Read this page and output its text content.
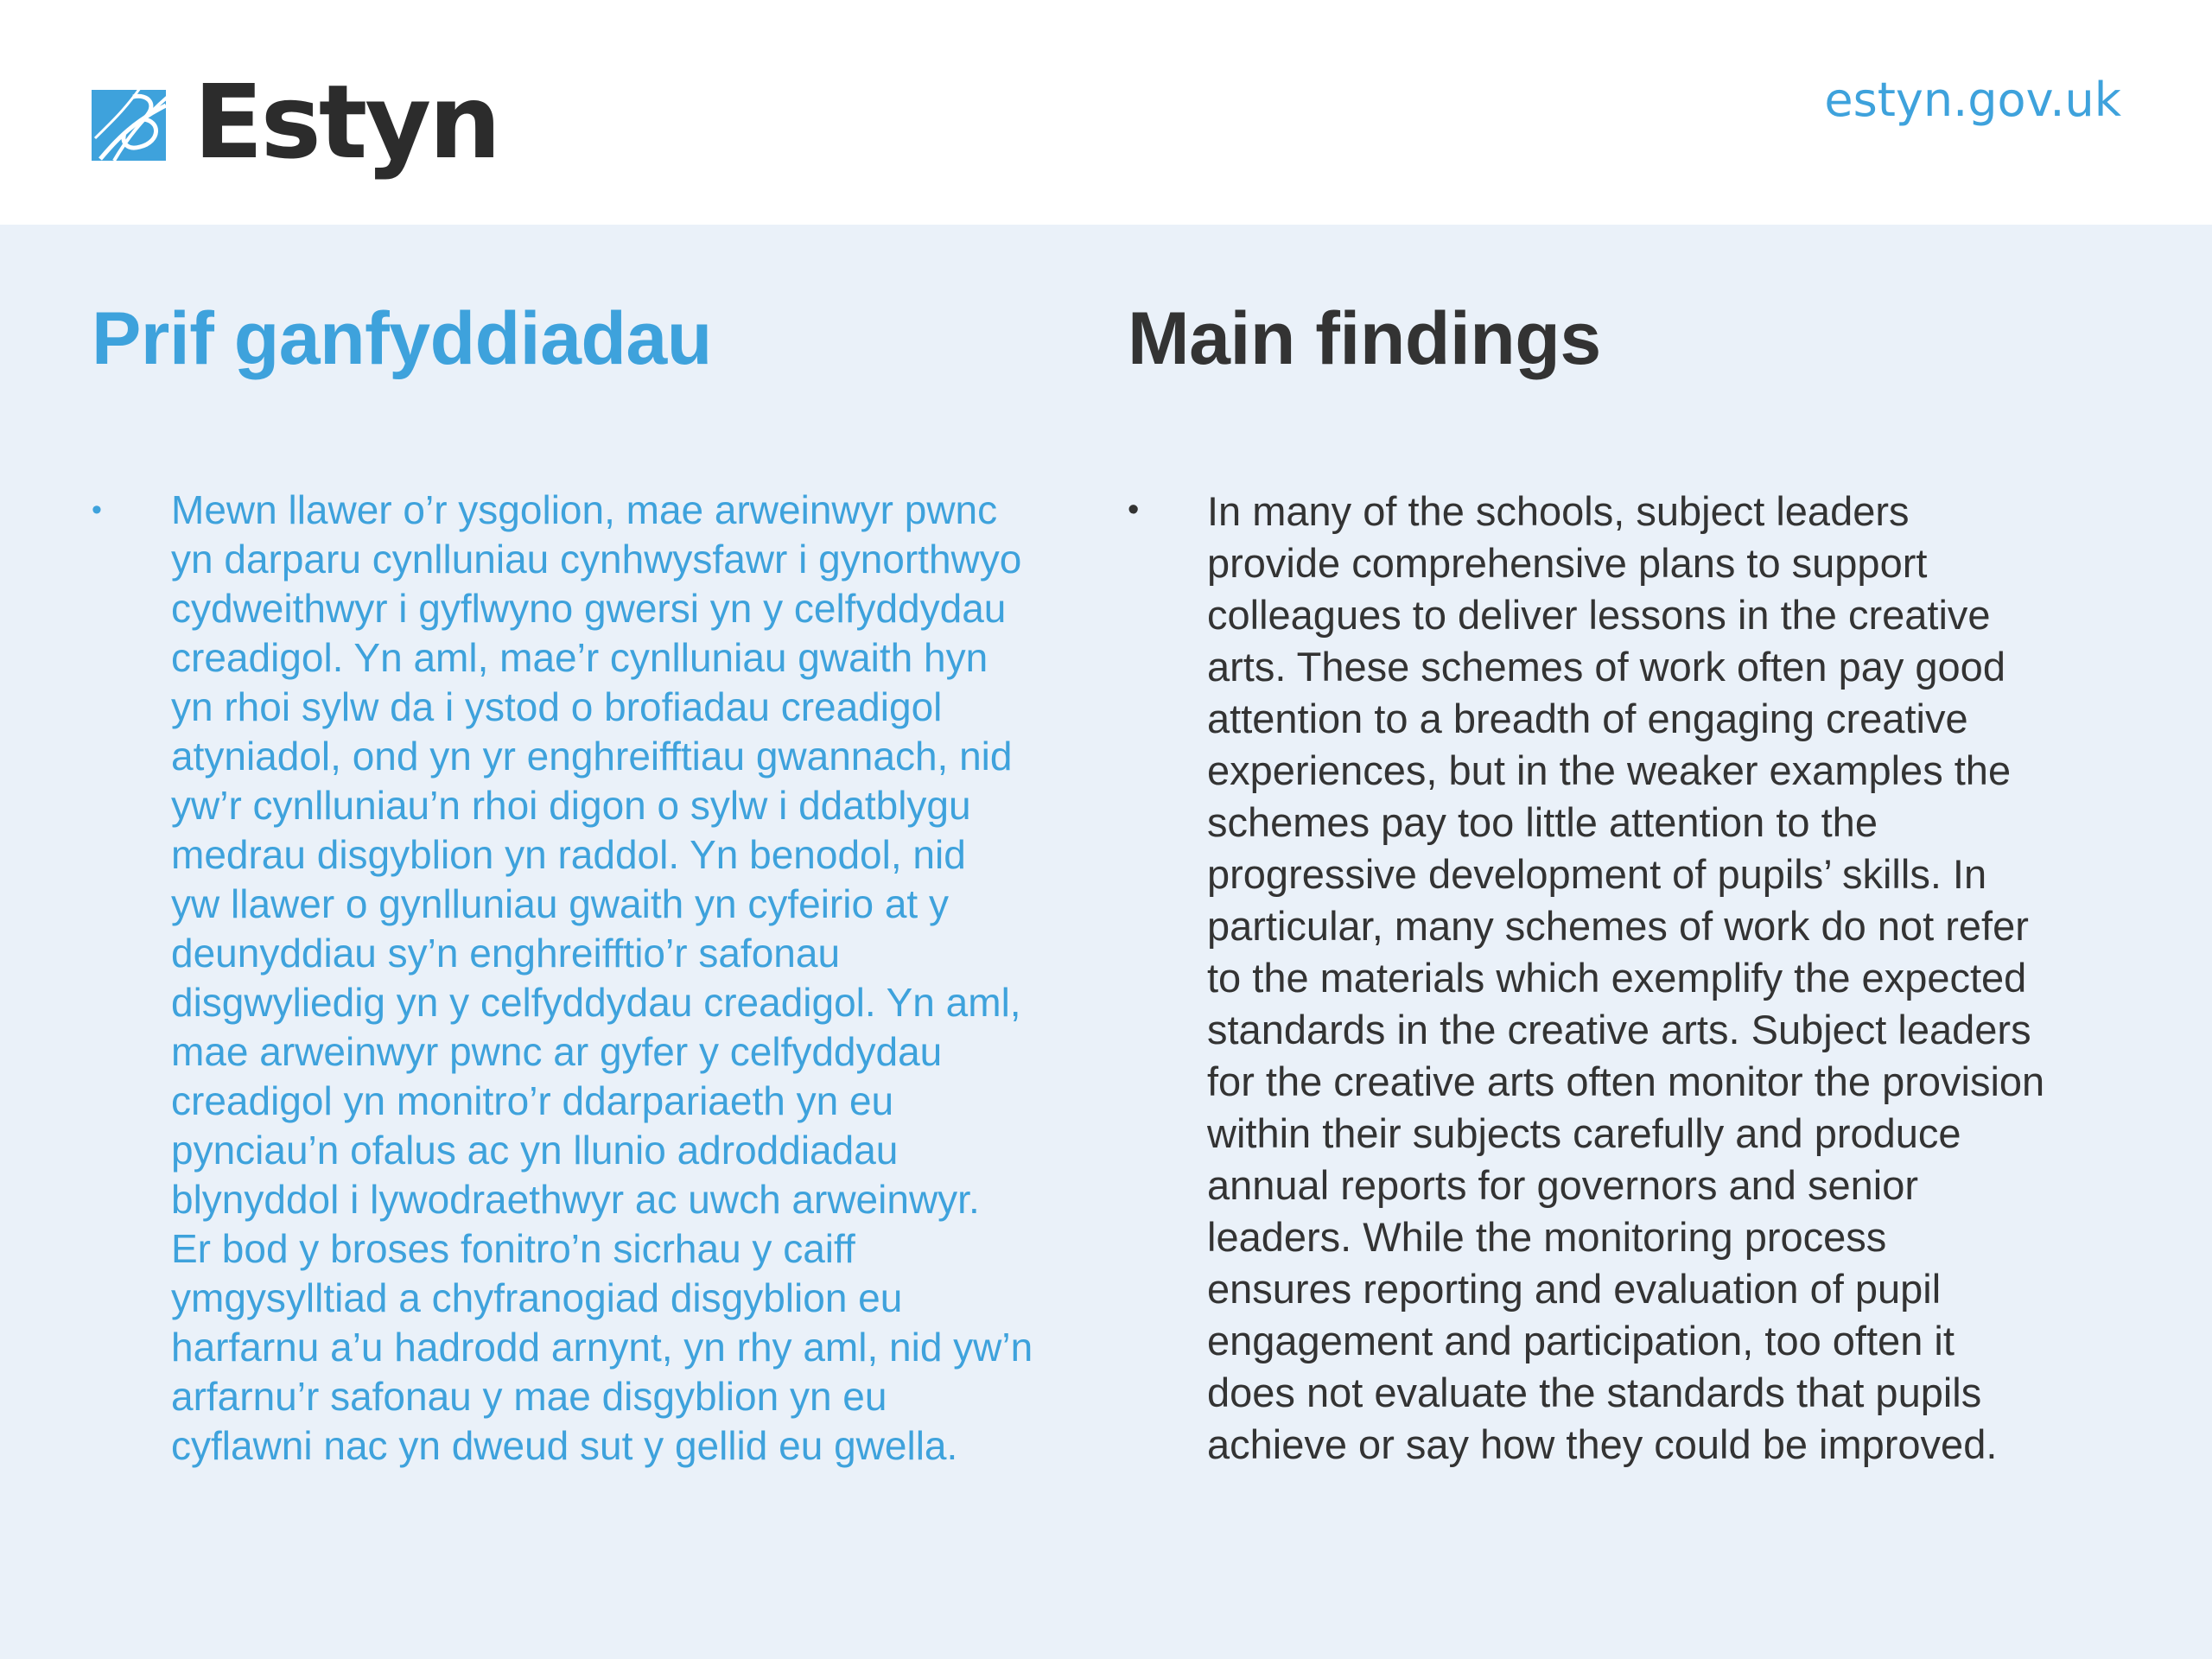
Estyn	estyn.gov.uk
Prif ganfyddiadau
• Mewn llawer o’r ysgolion, mae arweinwyr pwnc
yn darparu cynlluniau cynhwysfawr i gynorthwyo
cydweithwyr i gyflwyno gwersi yn y celfyddydau
creadigol. Yn aml, mae’r cynlluniau gwaith hyn
yn rhoi sylw da i ystod o brofiadau creadigol
atyniadol, ond yn yr enghreifftiau gwannach, nid
yw’r cynlluniau’n rhoi digon o sylw i ddatblygu
medrau disgyblion yn raddol. Yn benodol, nid
yw llawer o gynlluniau gwaith yn cyfeirio at y
deunyddiau sy’n enghreifftio’r safonau
disgwyliedig yn y celfyddydau creadigol. Yn aml,
mae arweinwyr pwnc ar gyfer y celfyddydau
creadigol yn monitro’r ddarpariaeth yn eu
pynciau’n ofalus ac yn llunio adroddiadau
blynyddol i lywodraethwyr ac uwch arweinwyr.
Er bod y broses fonitro’n sicrhau y caiff
ymgysylltiad a chyfranogiad disgyblion eu
harfarnu a’u hadrodd arnynt, yn rhy aml, nid yw’n
arfarnu’r safonau y mae disgyblion yn eu
cyflawni nac yn dweud sut y gellid eu gwella.

Main findings
• In many of the schools, subject leaders
provide comprehensive plans to support
colleagues to deliver lessons in the creative
arts. These schemes of work often pay good
attention to a breadth of engaging creative
experiences, but in the weaker examples the
schemes pay too little attention to the
progressive development of pupils’ skills. In
particular, many schemes of work do not refer
to the materials which exemplify the expected
standards in the creative arts. Subject leaders
for the creative arts often monitor the provision
within their subjects carefully and produce
annual reports for governors and senior
leaders. While the monitoring process
ensures reporting and evaluation of pupil
engagement and participation, too often it
does not evaluate the standards that pupils
achieve or say how they could be improved.
